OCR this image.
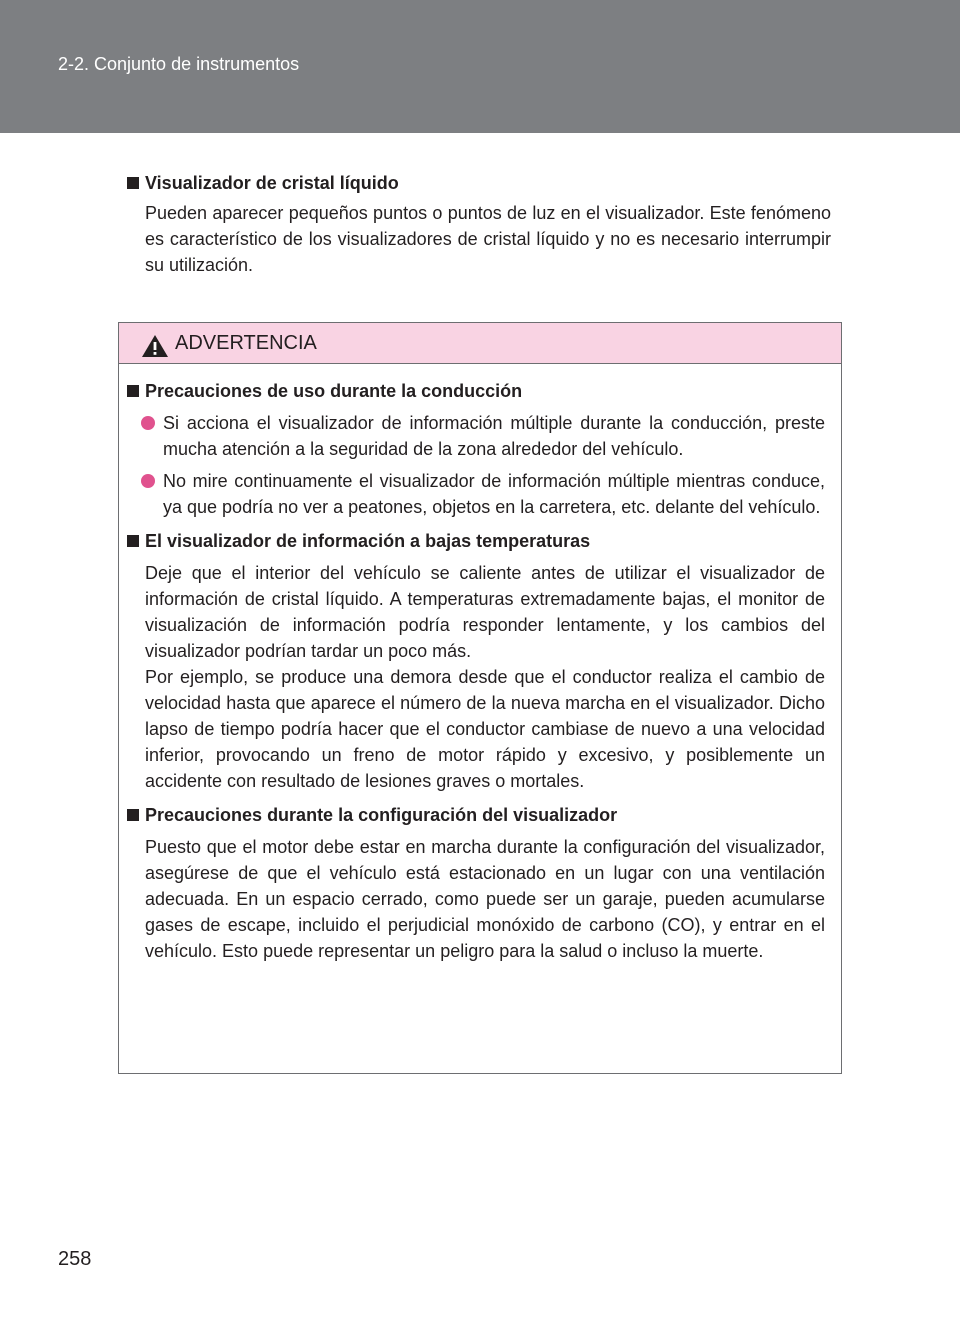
2-2. Conjunto de instrumentos

Visualizador de cristal líquido

Pueden aparecer pequeños puntos o puntos de luz en el visualizador. Este fenómeno es característico de los visualizadores de cristal líquido y no es necesario interrumpir su utilización.

ADVERTENCIA

Precauciones de uso durante la conducción

Si acciona el visualizador de información múltiple durante la conducción, preste mucha atención a la seguridad de la zona alrededor del vehículo.
No mire continuamente el visualizador de información múltiple mientras conduce, ya que podría no ver a peatones, objetos en la carretera, etc. delante del vehículo.

El visualizador de información a bajas temperaturas

Deje que el interior del vehículo se caliente antes de utilizar el visualizador de información de cristal líquido. A temperaturas extremadamente bajas, el monitor de visualización de información podría responder lentamente, y los cambios del visualizador podrían tardar un poco más.

Por ejemplo, se produce una demora desde que el conductor realiza el cambio de velocidad hasta que aparece el número de la nueva marcha en el visualizador. Dicho lapso de tiempo podría hacer que el conductor cambiase de nuevo a una velocidad inferior, provocando un freno de motor rápido y excesivo, y posiblemente un accidente con resultado de lesiones graves o mortales.

Precauciones durante la configuración del visualizador

Puesto que el motor debe estar en marcha durante la configuración del visualizador, asegúrese de que el vehículo está estacionado en un lugar con una ventilación adecuada. En un espacio cerrado, como puede ser un garaje, pueden acumularse gases de escape, incluido el perjudicial monóxido de carbono (CO), y entrar en el vehículo. Esto puede representar un peligro para la salud o incluso la muerte.

258
